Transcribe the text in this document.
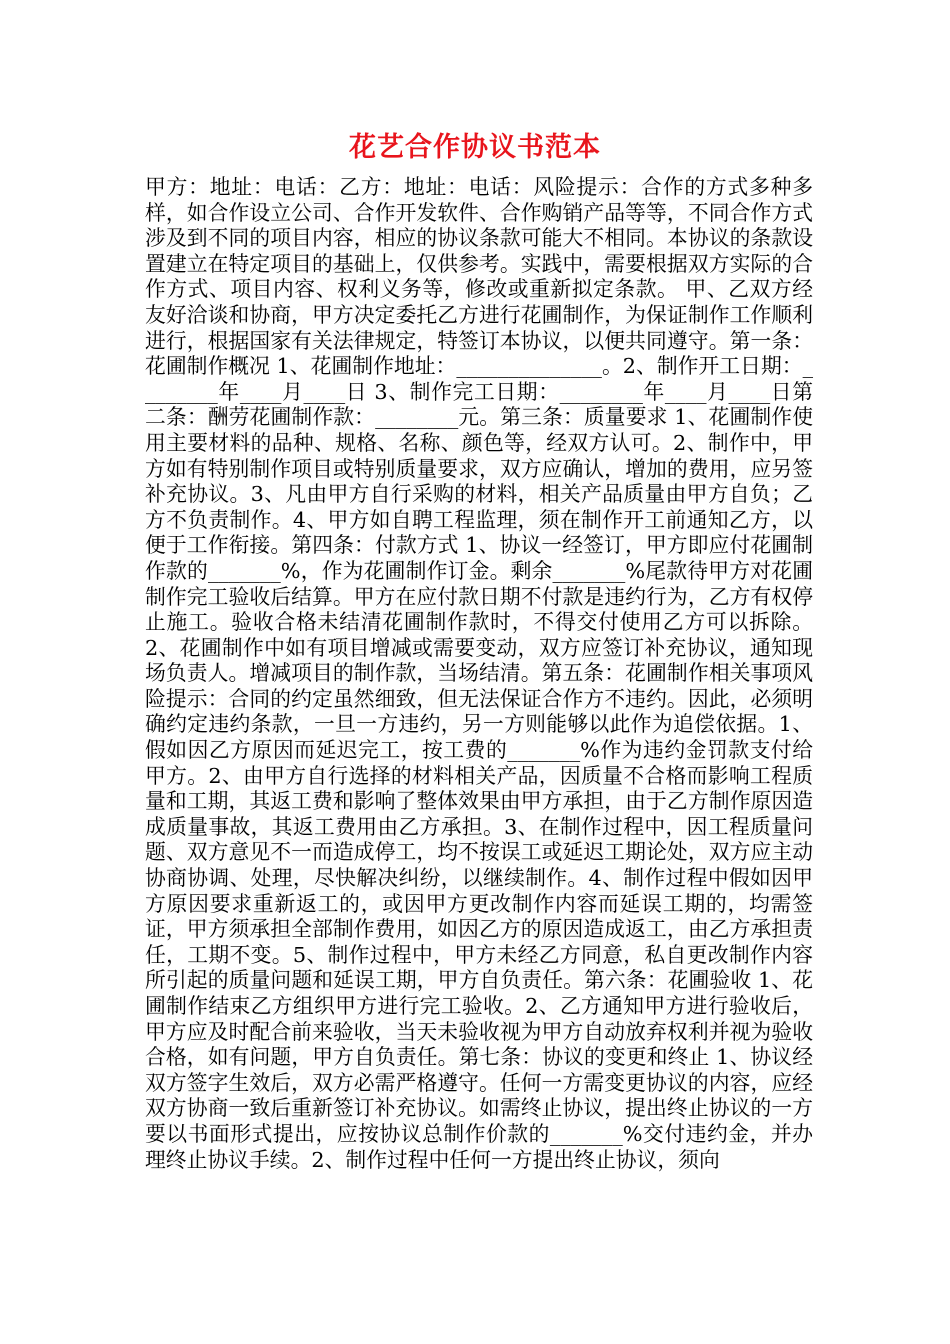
花艺合作协议书范本

甲方：地址：电话：乙方：地址：电话：风险提示：合作的方式多种多样，如合作设立公司、合作开发软件、合作购销产品等等，不同合作方式涉及到不同的项目内容，相应的协议条款可能大不相同。本协议的条款设置建立在特定项目的基础上，仅供参考。实践中，需要根据双方实际的合作方式、项目内容、权利义务等，修改或重新拟定条款。 甲、乙双方经友好洽谈和协商，甲方决定委托乙方进行花圃制作，为保证制作工作顺利进行，根据国家有关法律规定，特签订本协议，以便共同遵守。第一条：花圃制作概况 1、花圃制作地址：______________。2、制作开工日期：________年____月____日 3、制作完工日期：________年____月____日第二条：酬劳花圃制作款：________元。第三条：质量要求 1、花圃制作使用主要材料的品种、规格、名称、颜色等，经双方认可。2、制作中，甲方如有特别制作项目或特别质量要求，双方应确认，增加的费用，应另签补充协议。3、凡由甲方自行采购的材料，相关产品质量由甲方自负；乙方不负责制作。4、甲方如自聘工程监理，须在制作开工前通知乙方，以便于工作衔接。第四条：付款方式 1、协议一经签订，甲方即应付花圃制作款的_______%，作为花圃制作订金。剩余_______%尾款待甲方对花圃制作完工验收后结算。甲方在应付款日期不付款是违约行为，乙方有权停止施工。验收合格未结清花圃制作款时，不得交付使用乙方可以拆除。2、花圃制作中如有项目增减或需要变动，双方应签订补充协议，通知现场负责人。增减项目的制作款，当场结清。第五条：花圃制作相关事项风险提示：合同的约定虽然细致，但无法保证合作方不违约。因此，必须明确约定违约条款，一旦一方违约，另一方则能够以此作为追偿依据。1、假如因乙方原因而延迟完工，按工费的_______%作为违约金罚款支付给甲方。2、由甲方自行选择的材料相关产品，因质量不合格而影响工程质量和工期，其返工费和影响了整体效果由甲方承担，由于乙方制作原因造成质量事故，其返工费用由乙方承担。3、在制作过程中，因工程质量问题、双方意见不一而造成停工，均不按误工或延迟工期论处，双方应主动协商协调、处理，尽快解决纠纷，以继续制作。4、制作过程中假如因甲方原因要求重新返工的，或因甲方更改制作内容而延误工期的，均需签证，甲方须承担全部制作费用，如因乙方的原因造成返工，由乙方承担责任，工期不变。5、制作过程中，甲方未经乙方同意，私自更改制作内容所引起的质量问题和延误工期，甲方自负责任。第六条：花圃验收 1、花圃制作结束乙方组织甲方进行完工验收。2、乙方通知甲方进行验收后，甲方应及时配合前来验收，当天未验收视为甲方自动放弃权利并视为验收合格，如有问题，甲方自负责任。第七条：协议的变更和终止 1、协议经双方签字生效后，双方必需严格遵守。任何一方需变更协议的内容，应经双方协商一致后重新签订补充协议。如需终止协议，提出终止协议的一方要以书面形式提出，应按协议总制作价款的_______%交付违约金，并办理终止协议手续。2、制作过程中任何一方提出终止协议，须向
